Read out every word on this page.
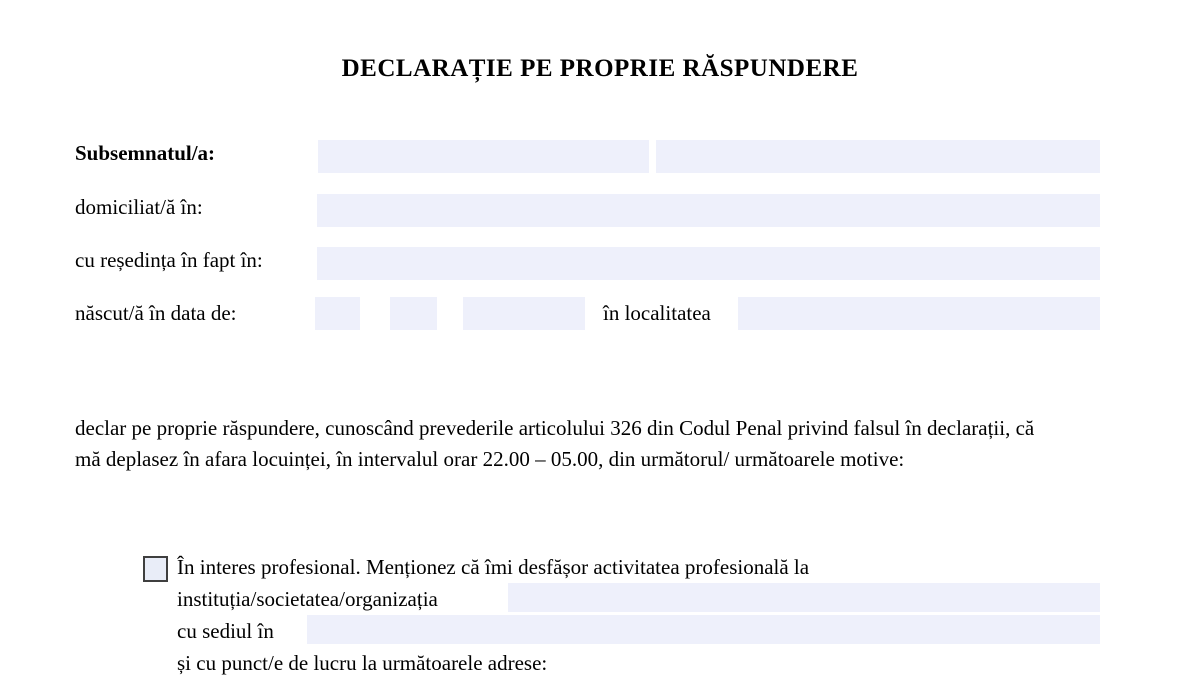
DECLARAȚIE PE PROPRIE RĂSPUNDERE
Subsemnatul/a:
domiciliat/ă în:
cu reședința în fapt în:
născut/ă în data de:	în localitatea

declar pe proprie răspundere, cunoscând prevederile articolului 326 din Codul Penal privind falsul în declarații, că mă deplasez în afara locuinței, în intervalul orar 22.00 – 05.00, din următorul/ următoarele motive:

În interes profesional. Menționez că îmi desfășor activitatea profesională la
instituția/societatea/organizația
cu sediul în
și cu punct/e de lucru la următoarele adrese:
